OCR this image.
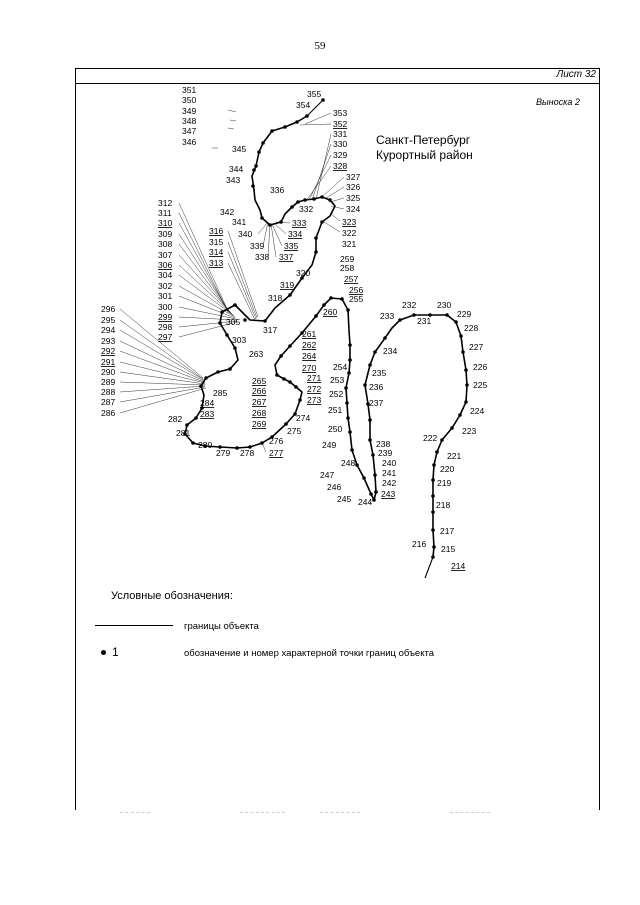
59
Лист 32
Выноска 2
Санкт-Петербург
Курортный район
355
354
353
352
331
330
329
328
327
326
325
324
323
322
321
345
344
343
342
341
340
339
338
336
335
334
333
332
337
320
319
318
317
305
303
259
258
257
256
255
260
261
262
264
270
271
272
273
265
266
267
268
269
274
275
276
277
278
279
280
281
282 283
284
285
254
253
252
251
250
249
248
247
246
245 244
243
242
241
240
239
238
237
236
235
234
233
232
231
230
229
228
227
226
225
224
223
222
221
220
219
218
217
216 215
214
351
350
349
348
347
346
312
311
310
309
308
307
306
304
302
301
300
299
298
297
296
295
294
293
292
291
290
289
288
287
286
316
315
314
313
263
Условные обозначения:
границы объекта
1	обозначение и номер характерной точки границ объекта
